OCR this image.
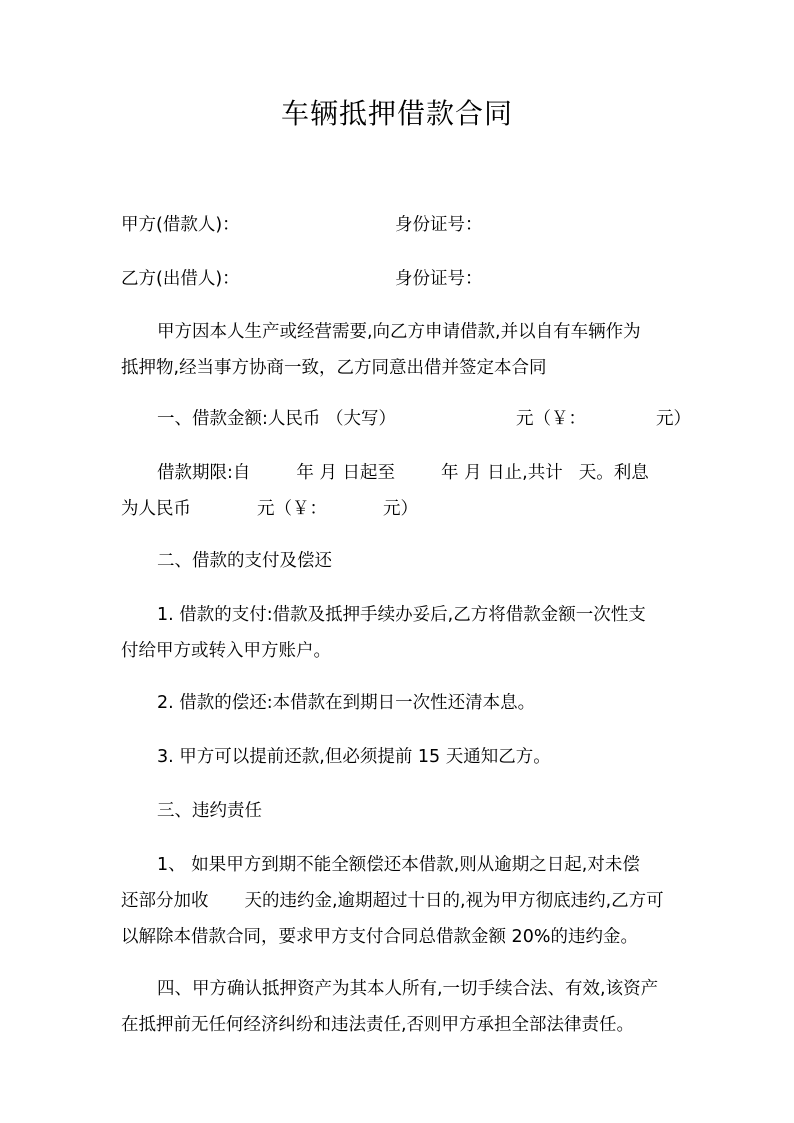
车辆抵押借款合同
甲方(借款人)：	身份证号：
乙方(出借人)：	身份证号：
甲方因本人生产或经营需要,向乙方申请借款,并以自有车辆作为
抵押物,经当事方协商一致，乙方同意出借并签定本合同
一、借款金额:人民币 （大写）	元（￥：	元）
借款期限:自	年 月 日起至	年 月 日止,共计 天。利息
为人民币	元（￥：	元）
二、借款的支付及偿还
1. 借款的支付:借款及抵押手续办妥后,乙方将借款金额一次性支
付给甲方或转入甲方账户。
2. 借款的偿还:本借款在到期日一次性还清本息。
3. 甲方可以提前还款,但必须提前 15 天通知乙方。
三、违约责任
1、 如果甲方到期不能全额偿还本借款,则从逾期之日起,对未偿
还部分加收 天的违约金,逾期超过十日的,视为甲方彻底违约,乙方可
以解除本借款合同，要求甲方支付合同总借款金额 20%的违约金。
四、甲方确认抵押资产为其本人所有,一切手续合法、有效,该资产
在抵押前无任何经济纠纷和违法责任,否则甲方承担全部法律责任。
